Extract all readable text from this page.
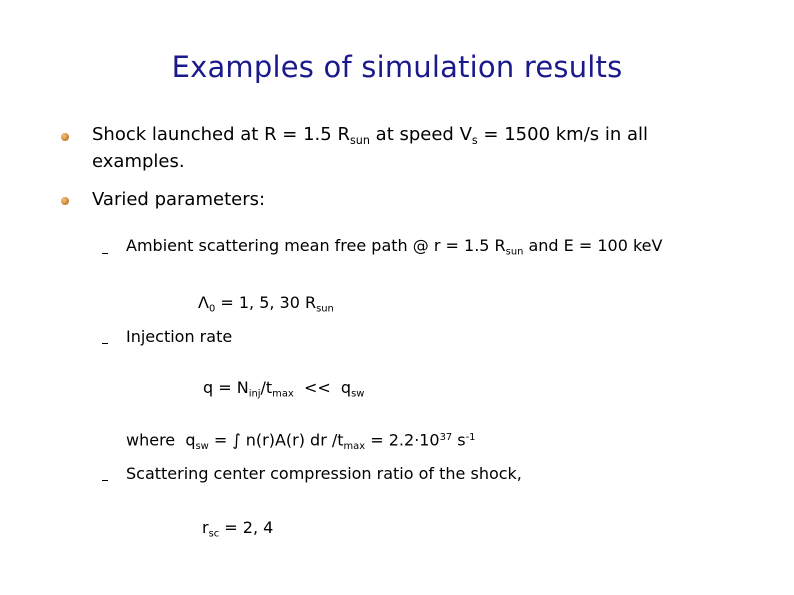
Examples of simulation results
Shock launched at R = 1.5 $R_{sun}$ at speed $V_s = 1500$ km/s in all
examples.
Varied parameters:
Ambient scattering mean free path @ r = 1.5 $R_{sun}$ and E = 100 keV
$\Lambda_0 = 1$, 5, 30 $R_{sun}$
Injection rate
$q = N_{inj}/t_{max} << q_{sw}$
where  $q_{sw}$ = ∫ n(r)A(r) dr $/t_{max} = 2.2\cdot 10^{37}$ $s^{-1}$
Scattering center compression ratio of the shock,
$r_{sc} = 2$, 4
